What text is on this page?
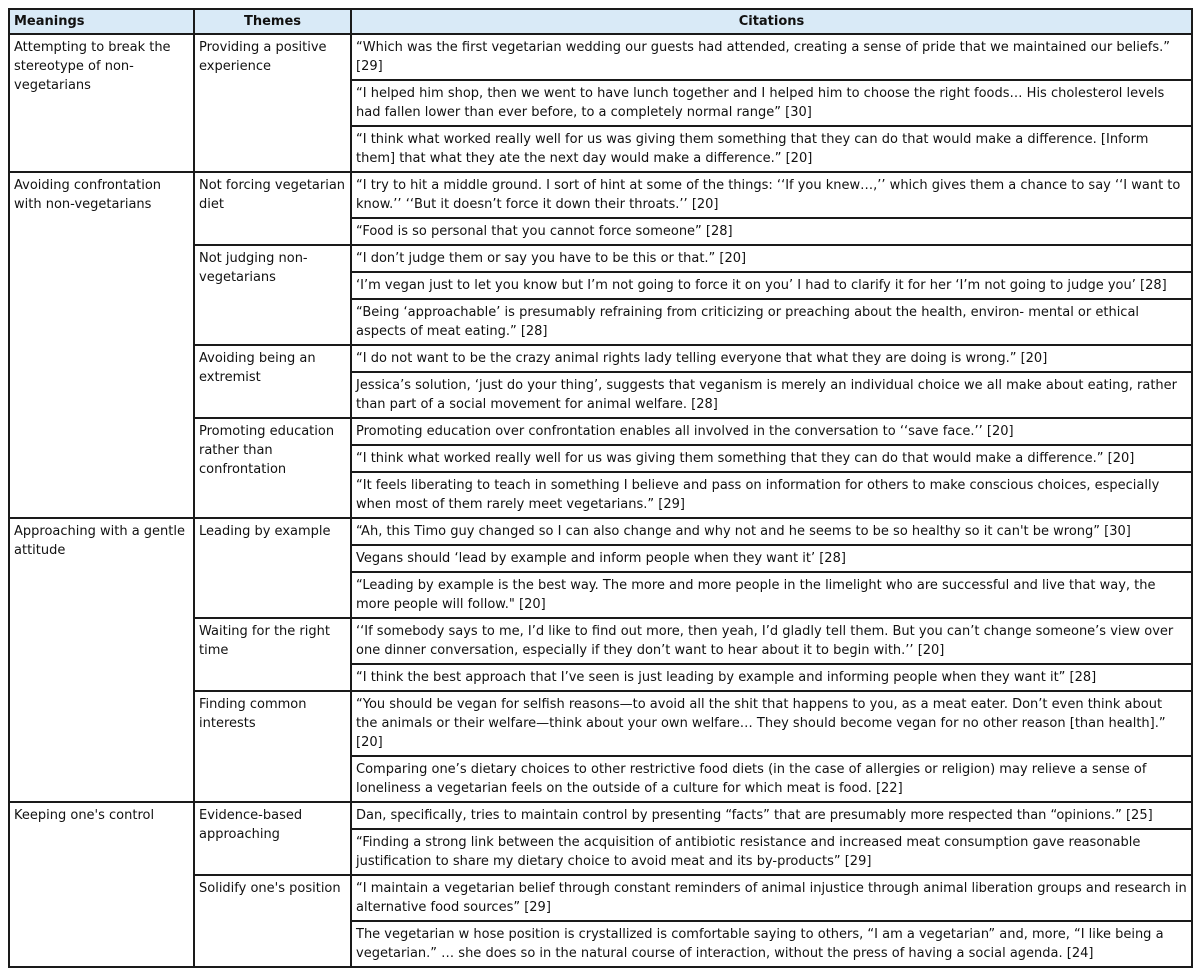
Meanings	Themes	Citations
Attempting to break the stereotype of non-vegetarians	Providing a positive experience	“Which was the first vegetarian wedding our guests had attended, creating a sense of pride that we maintained our beliefs.” [29]
		“I helped him shop, then we went to have lunch together and I helped him to choose the right foods… His cholesterol levels had fallen lower than ever before, to a completely normal range” [30]
		“I think what worked really well for us was giving them something that they can do that would make a difference. [Inform them] that what they ate the next day would make a difference.” [20]
Avoiding confrontation with non-vegetarians	Not forcing vegetarian diet	“I try to hit a middle ground. I sort of hint at some of the things: ‘‘If you knew…,’’ which gives them a chance to say ‘‘I want to know.’’ ‘‘But it doesn’t force it down their throats.’’ [20]
		“Food is so personal that you cannot force someone” [28]
	Not judging non-vegetarians	“I don’t judge them or say you have to be this or that.” [20]
		‘I’m vegan just to let you know but I’m not going to force it on you’ I had to clarify it for her ‘I’m not going to judge you’ [28]
		“Being ‘approachable’ is presumably refraining from criticizing or preaching about the health, environ- mental or ethical aspects of meat eating.” [28]
	Avoiding being an extremist	“I do not want to be the crazy animal rights lady telling everyone that what they are doing is wrong.” [20]
		Jessica’s solution, ‘just do your thing’, suggests that veganism is merely an individual choice we all make about eating, rather than part of a social movement for animal welfare. [28]
	Promoting education rather than confrontation	Promoting education over confrontation enables all involved in the conversation to ‘‘save face.’’ [20]
		“I think what worked really well for us was giving them something that they can do that would make a difference.” [20]
		“It feels liberating to teach in something I believe and pass on information for others to make conscious choices, especially when most of them rarely meet vegetarians.” [29]
Approaching with a gentle attitude	Leading by example	“Ah, this Timo guy changed so I can also change and why not and he seems to be so healthy so it can't be wrong” [30]
		Vegans should ‘lead by example and inform people when they want it’ [28]
		“Leading by example is the best way. The more and more people in the limelight who are successful and live that way, the more people will follow." [20]
	Waiting for the right time	‘‘If somebody says to me, I’d like to find out more, then yeah, I’d gladly tell them. But you can’t change someone’s view over one dinner conversation, especially if they don’t want to hear about it to begin with.’’ [20]
		“I think the best approach that I’ve seen is just leading by example and informing people when they want it” [28]
	Finding common interests	“You should be vegan for selfish reasons—to avoid all the shit that happens to you, as a meat eater. Don’t even think about the animals or their welfare—think about your own welfare… They should become vegan for no other reason [than health].” [20]
		Comparing one’s dietary choices to other restrictive food diets (in the case of allergies or religion) may relieve a sense of loneliness a vegetarian feels on the outside of a culture for which meat is food. [22]
Keeping one's control	Evidence-based approaching	Dan, specifically, tries to maintain control by presenting “facts” that are presumably more respected than “opinions.” [25]
		“Finding a strong link between the acquisition of antibiotic resistance and increased meat consumption gave reasonable justification to share my dietary choice to avoid meat and its by-products” [29]
	Solidify one's position	“I maintain a vegetarian belief through constant reminders of animal injustice through animal liberation groups and research in alternative food sources” [29]
		The vegetarian w hose position is crystallized is comfortable saying to others, “I am a vegetarian” and, more, “I like being a vegetarian.” … she does so in the natural course of interaction, without the press of having a social agenda. [24]
